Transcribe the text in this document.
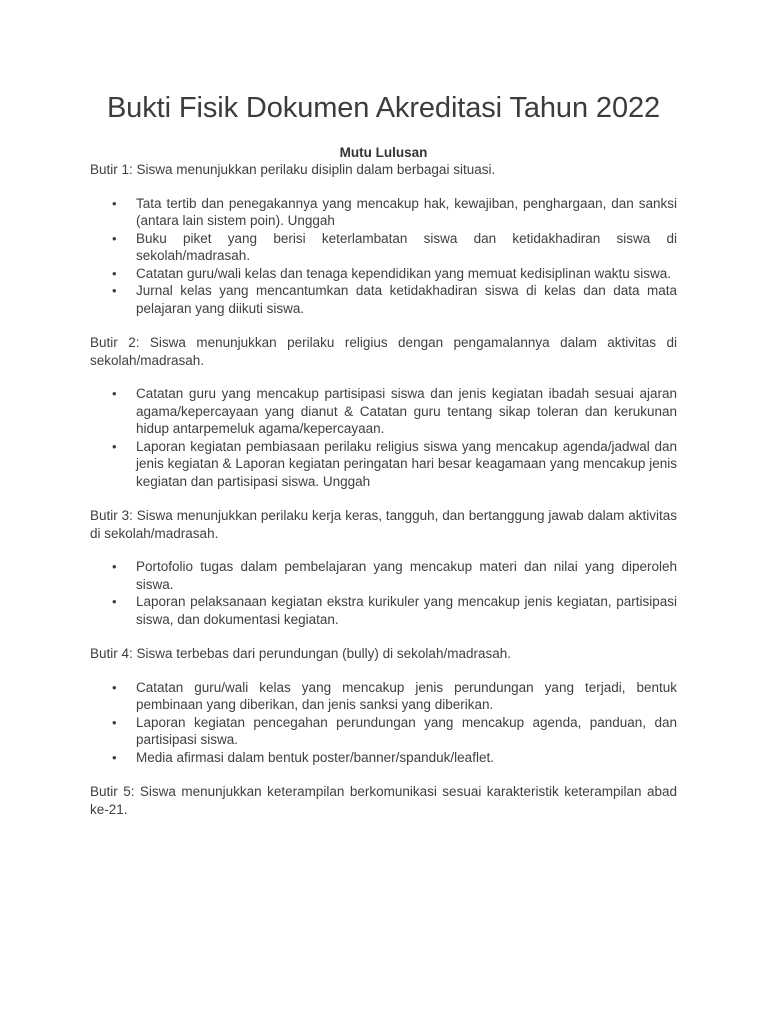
Bukti Fisik Dokumen Akreditasi Tahun 2022
Mutu Lulusan

Butir 1: Siswa menunjukkan perilaku disiplin dalam berbagai situasi.

• Tata tertib dan penegakannya yang mencakup hak, kewajiban, penghargaan, dan sanksi (antara lain sistem poin). Unggah
• Buku piket yang berisi keterlambatan siswa dan ketidakhadiran siswa di sekolah/madrasah.
• Catatan guru/wali kelas dan tenaga kependidikan yang memuat kedisiplinan waktu siswa.
• Jurnal kelas yang mencantumkan data ketidakhadiran siswa di kelas dan data mata pelajaran yang diikuti siswa.

Butir 2: Siswa menunjukkan perilaku religius dengan pengamalannya dalam aktivitas di sekolah/madrasah.

• Catatan guru yang mencakup partisipasi siswa dan jenis kegiatan ibadah sesuai ajaran agama/kepercayaan yang dianut & Catatan guru tentang sikap toleran dan kerukunan hidup antarpemeluk agama/kepercayaan.
• Laporan kegiatan pembiasaan perilaku religius siswa yang mencakup agenda/jadwal dan jenis kegiatan & Laporan kegiatan peringatan hari besar keagamaan yang mencakup jenis kegiatan dan partisipasi siswa. Unggah

Butir 3: Siswa menunjukkan perilaku kerja keras, tangguh, dan bertanggung jawab dalam aktivitas di sekolah/madrasah.

• Portofolio tugas dalam pembelajaran yang mencakup materi dan nilai yang diperoleh siswa.
• Laporan pelaksanaan kegiatan ekstra kurikuler yang mencakup jenis kegiatan, partisipasi siswa, dan dokumentasi kegiatan.

Butir 4: Siswa terbebas dari perundungan (bully) di sekolah/madrasah.

• Catatan guru/wali kelas yang mencakup jenis perundungan yang terjadi, bentuk pembinaan yang diberikan, dan jenis sanksi yang diberikan.
• Laporan kegiatan pencegahan perundungan yang mencakup agenda, panduan, dan partisipasi siswa.
• Media afirmasi dalam bentuk poster/banner/spanduk/leaflet.

Butir 5: Siswa menunjukkan keterampilan berkomunikasi sesuai karakteristik keterampilan abad ke-21.
